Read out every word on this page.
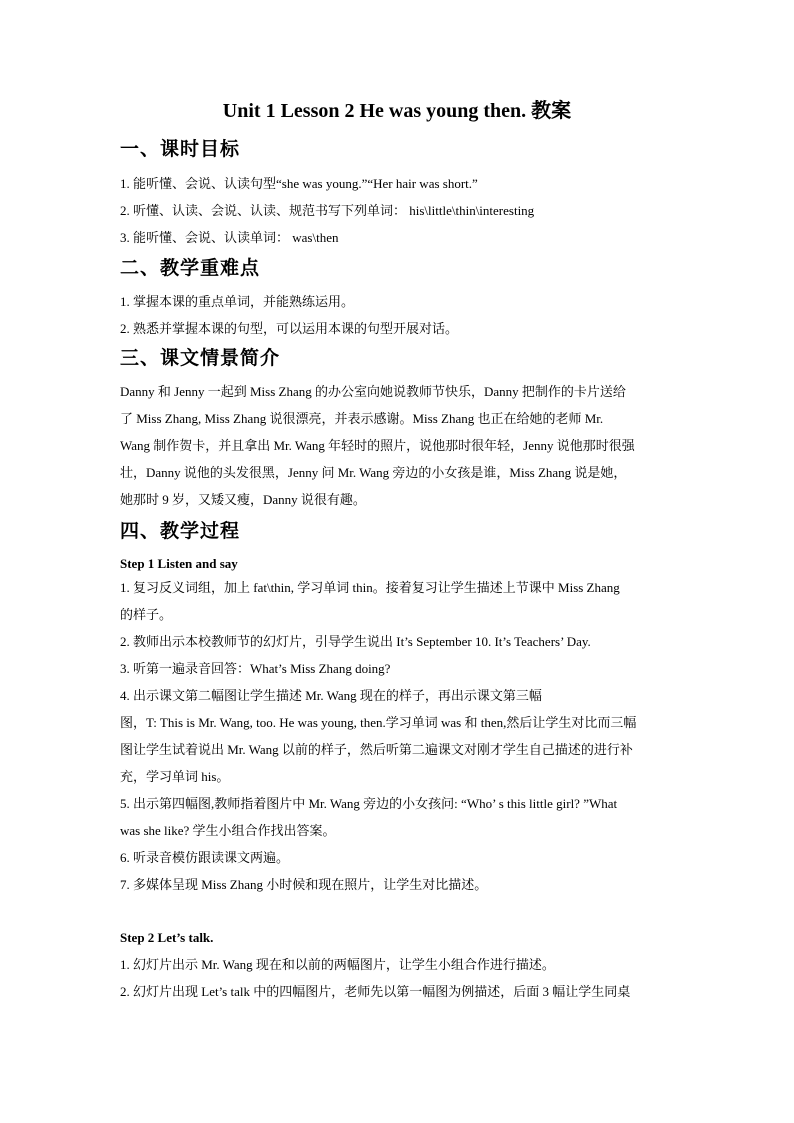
Unit 1 Lesson 2 He was young then. 教案
一、课时目标
1. 能听懂、会说、认读句型“she was young.”“Her hair was short.”
2. 听懂、认读、会说、认读、规范书写下列单词： his\little\thin\interesting
3. 能听懂、会说、认读单词： was\then
二、教学重难点
1. 掌握本课的重点单词，并能熟练运用。
2. 熟悉并掌握本课的句型，可以运用本课的句型开展对话。
三、课文情景简介
Danny 和 Jenny 一起到 Miss Zhang 的办公室向她说教师节快乐，Danny 把制作的卡片送给
了 Miss Zhang, Miss Zhang 说很漂亮，并表示感谢。Miss Zhang 也正在给她的老师 Mr.
Wang 制作贺卡，并且拿出 Mr. Wang 年轻时的照片，说他那时很年轻，Jenny 说他那时很强
壮，Danny 说他的头发很黑，Jenny 问 Mr. Wang 旁边的小女孩是谁，Miss Zhang 说是她，
她那时 9 岁，又矮又瘦，Danny 说很有趣。
四、教学过程
Step 1 Listen and say
1. 复习反义词组，加上 fat\thin, 学习单词 thin。接着复习让学生描述上节课中 Miss Zhang
的样子。
2. 教师出示本校教师节的幻灯片，引导学生说出 It’s September 10. It’s Teachers’ Day.
3. 听第一遍录音回答：What’s Miss Zhang doing?
4. 出示课文第二幅图让学生描述 Mr. Wang 现在的样子，再出示课文第三幅
图，T: This is Mr. Wang, too. He was young, then.学习单词 was 和 then,然后让学生对比而三幅
图让学生试着说出 Mr. Wang 以前的样子，然后听第二遍课文对刚才学生自己描述的进行补
充，学习单词 his。
5. 出示第四幅图,教师指着图片中 Mr. Wang 旁边的小女孩问: “Who’ s this little girl? ”What
was she like? 学生小组合作找出答案。
6. 听录音模仿跟读课文两遍。
7. 多媒体呈现 Miss Zhang 小时候和现在照片，让学生对比描述。
Step 2 Let’s talk.
1. 幻灯片出示 Mr. Wang 现在和以前的两幅图片，让学生小组合作进行描述。
2. 幻灯片出现 Let’s talk 中的四幅图片，老师先以第一幅图为例描述，后面 3 幅让学生同桌
